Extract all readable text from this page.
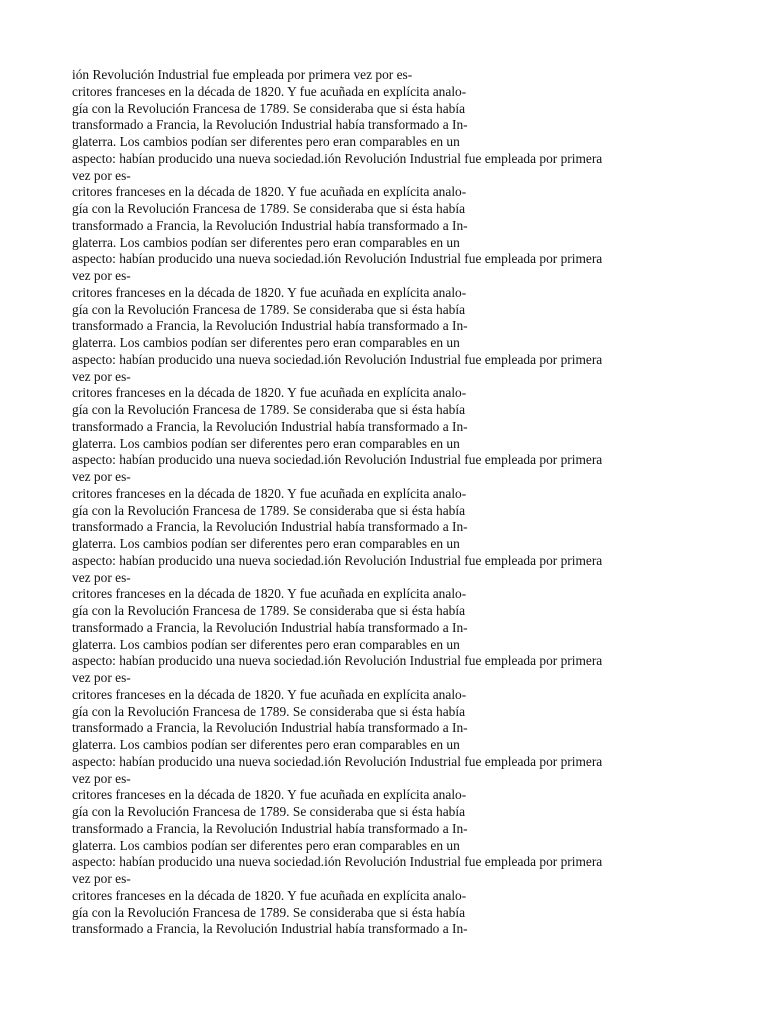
ión Revolución Industrial fue empleada por primera vez por es-
critores franceses en la década de 1820. Y fue acuñada en explícita analo-
gía con la Revolución Francesa de 1789. Se consideraba que si ésta había
transformado a Francia, la Revolución Industrial había transformado a In-
glaterra. Los cambios podían ser diferentes pero eran comparables en un
aspecto: habían producido una nueva sociedad.ión Revolución Industrial fue empleada por primera
vez por es-
critores franceses en la década de 1820. Y fue acuñada en explícita analo-
gía con la Revolución Francesa de 1789. Se consideraba que si ésta había
transformado a Francia, la Revolución Industrial había transformado a In-
glaterra. Los cambios podían ser diferentes pero eran comparables en un
aspecto: habían producido una nueva sociedad.ión Revolución Industrial fue empleada por primera
vez por es-
critores franceses en la década de 1820. Y fue acuñada en explícita analo-
gía con la Revolución Francesa de 1789. Se consideraba que si ésta había
transformado a Francia, la Revolución Industrial había transformado a In-
glaterra. Los cambios podían ser diferentes pero eran comparables en un
aspecto: habían producido una nueva sociedad.ión Revolución Industrial fue empleada por primera
vez por es-
critores franceses en la década de 1820. Y fue acuñada en explícita analo-
gía con la Revolución Francesa de 1789. Se consideraba que si ésta había
transformado a Francia, la Revolución Industrial había transformado a In-
glaterra. Los cambios podían ser diferentes pero eran comparables en un
aspecto: habían producido una nueva sociedad.ión Revolución Industrial fue empleada por primera
vez por es-
critores franceses en la década de 1820. Y fue acuñada en explícita analo-
gía con la Revolución Francesa de 1789. Se consideraba que si ésta había
transformado a Francia, la Revolución Industrial había transformado a In-
glaterra. Los cambios podían ser diferentes pero eran comparables en un
aspecto: habían producido una nueva sociedad.ión Revolución Industrial fue empleada por primera
vez por es-
critores franceses en la década de 1820. Y fue acuñada en explícita analo-
gía con la Revolución Francesa de 1789. Se consideraba que si ésta había
transformado a Francia, la Revolución Industrial había transformado a In-
glaterra. Los cambios podían ser diferentes pero eran comparables en un
aspecto: habían producido una nueva sociedad.ión Revolución Industrial fue empleada por primera
vez por es-
critores franceses en la década de 1820. Y fue acuñada en explícita analo-
gía con la Revolución Francesa de 1789. Se consideraba que si ésta había
transformado a Francia, la Revolución Industrial había transformado a In-
glaterra. Los cambios podían ser diferentes pero eran comparables en un
aspecto: habían producido una nueva sociedad.ión Revolución Industrial fue empleada por primera
vez por es-
critores franceses en la década de 1820. Y fue acuñada en explícita analo-
gía con la Revolución Francesa de 1789. Se consideraba que si ésta había
transformado a Francia, la Revolución Industrial había transformado a In-
glaterra. Los cambios podían ser diferentes pero eran comparables en un
aspecto: habían producido una nueva sociedad.ión Revolución Industrial fue empleada por primera
vez por es-
critores franceses en la década de 1820. Y fue acuñada en explícita analo-
gía con la Revolución Francesa de 1789. Se consideraba que si ésta había
transformado a Francia, la Revolución Industrial había transformado a In-
